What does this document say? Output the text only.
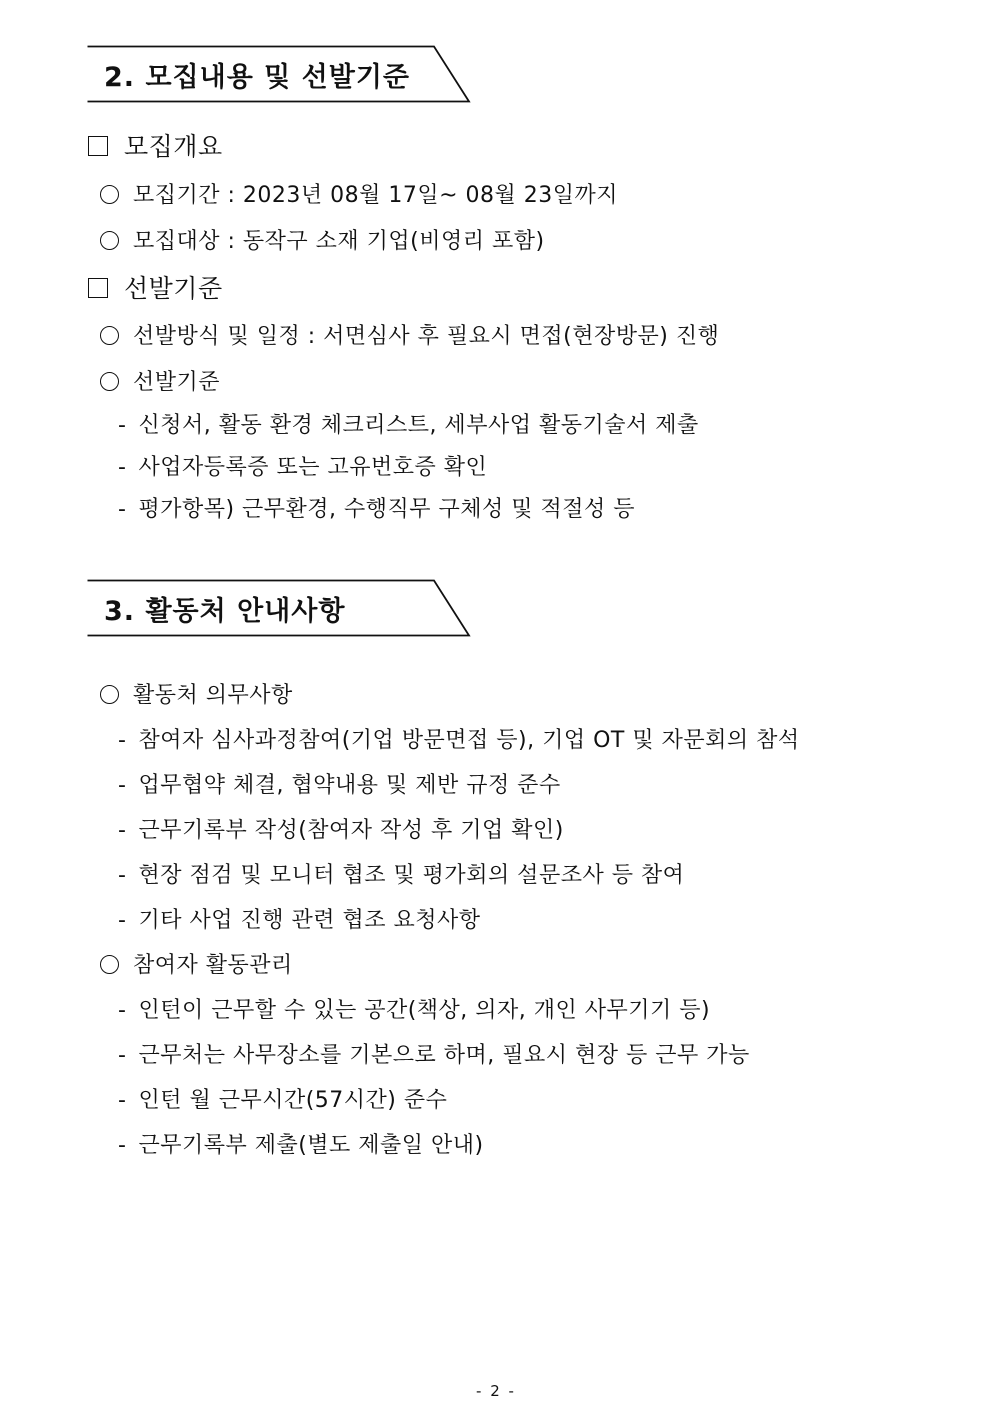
2. 모집내용 및 선발기준
모집개요
모집기간 : 2023년 08월 17일~ 08월 23일까지
모집대상 : 동작구 소재 기업(비영리 포함)
선발기준
선발방식 및 일정 : 서면심사 후 필요시 면접(현장방문) 진행
선발기준
- 신청서, 활동 환경 체크리스트, 세부사업 활동기술서 제출
- 사업자등록증 또는 고유번호증 확인
- 평가항목) 근무환경, 수행직무 구체성 및 적절성 등
3. 활동처 안내사항
활동처 의무사항
- 참여자 심사과정참여(기업 방문면접 등), 기업 OT 및 자문회의 참석
- 업무협약 체결, 협약내용 및 제반 규정 준수
- 근무기록부 작성(참여자 작성 후 기업 확인)
- 현장 점검 및 모니터 협조 및 평가회의 설문조사 등 참여
- 기타 사업 진행 관련 협조 요청사항
참여자 활동관리
- 인턴이 근무할 수 있는 공간(책상, 의자, 개인 사무기기 등)
- 근무처는 사무장소를 기본으로 하며, 필요시 현장 등 근무 가능
- 인턴 월 근무시간(57시간) 준수
- 근무기록부 제출(별도 제출일 안내)
- 2 -
